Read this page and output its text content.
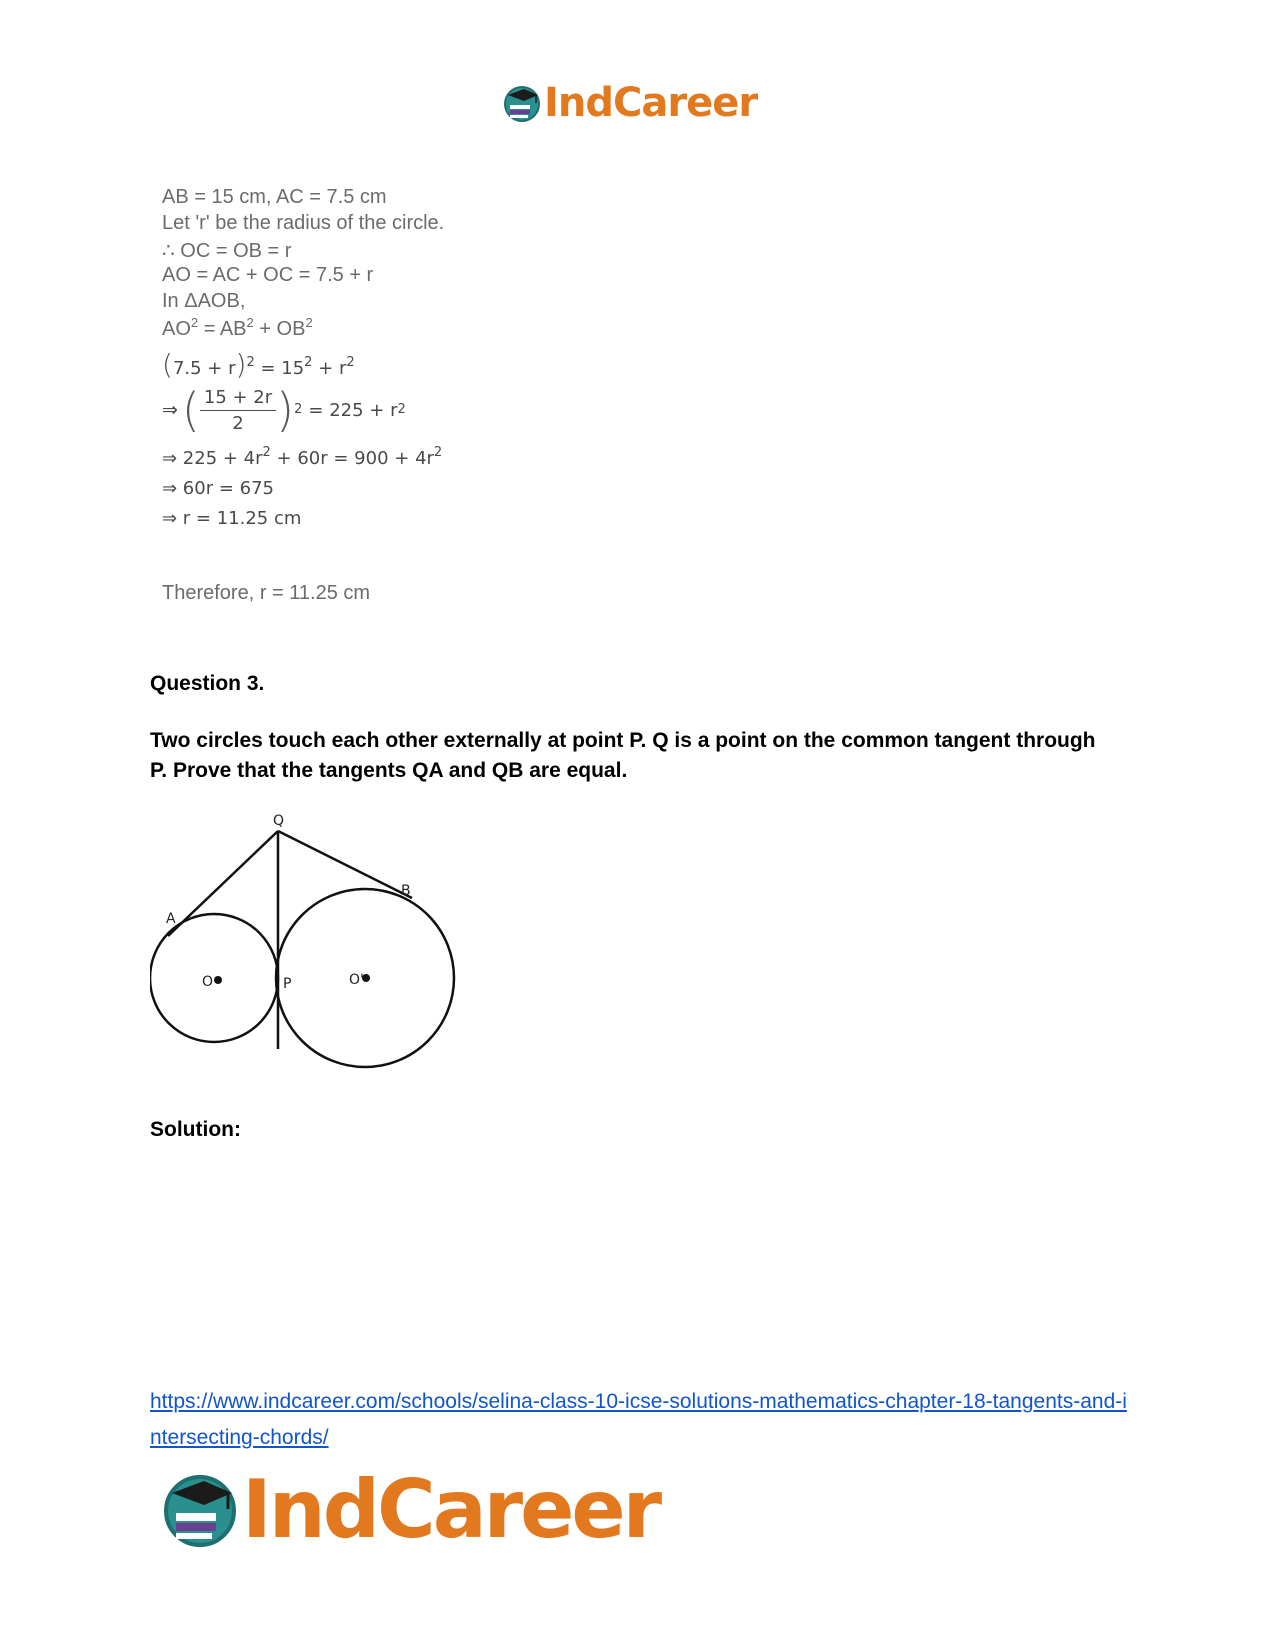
IndCareer
AB = 15 cm, AC = 7.5 cm
Let 'r' be the radius of the circle.
∴ OC = OB = r
AO = AC + OC = 7.5 + r
In ΔAOB,
$AO^2 = AB^2 + OB^2$
$(7.5 + r)^2 = 15^2 + r^2$
⇒ ( $\frac{15 + 2r}{2}$ ) 2 = 225 + r 2
⇒ $225 + 4r^2 + 60r = 900 + 4r^2$
⇒ 60r = 675
⇒ r = 11.25 cm
Therefore, r = 11.25 cm
Question 3.
Two circles touch each other externally at point P. Q is a point on the common tangent through P. Prove that the tangents QA and QB are equal.
Q
A
B
P
O	O'
Solution:
https://www.indcareer.com/schools/selina-class-10-icse-solutions-mathematics-chapter-18-tangents-and-intersecting-chords/
IndCareer
